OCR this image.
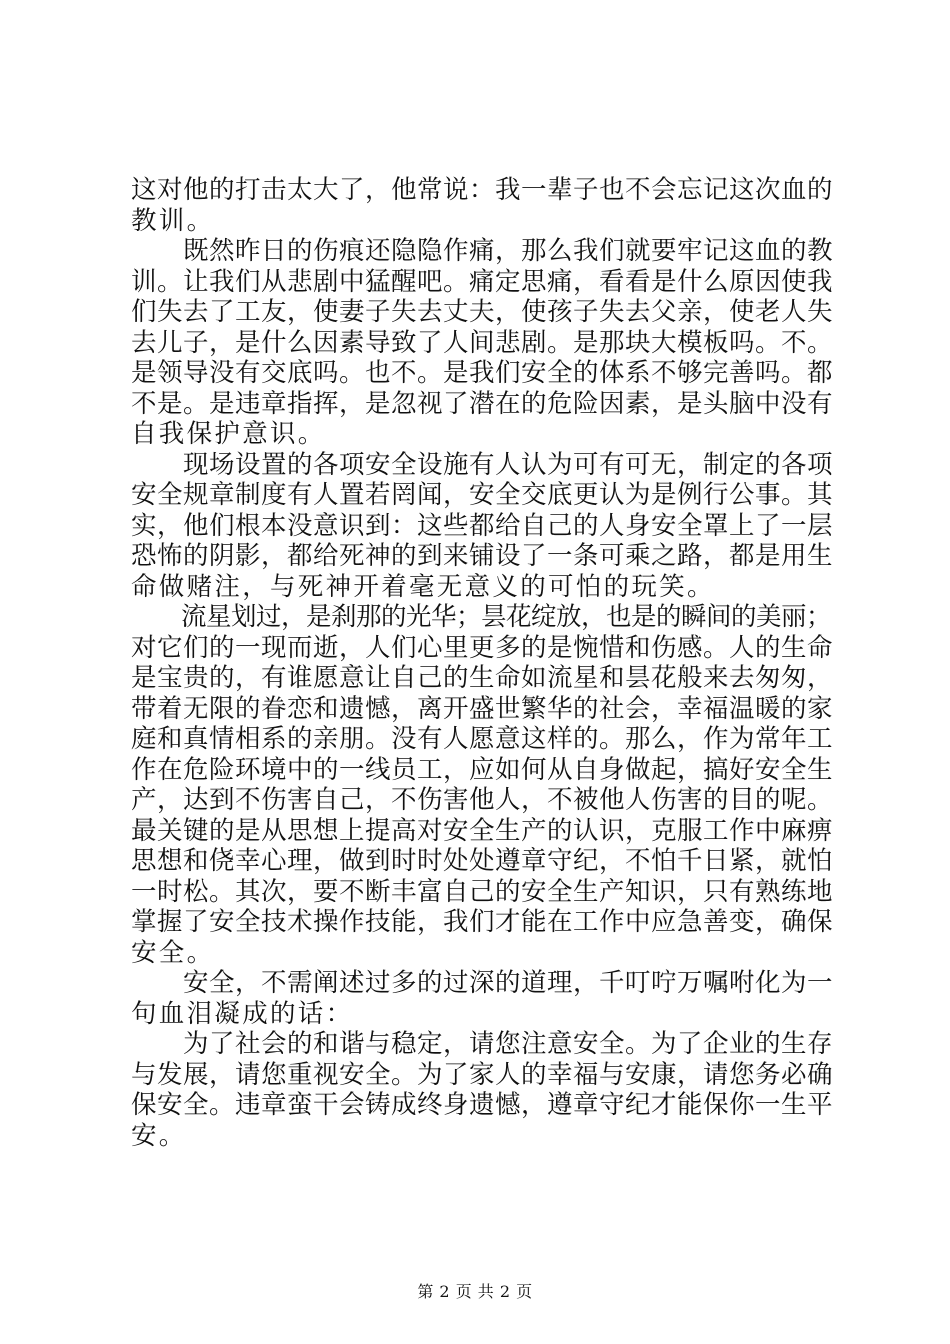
这对他的打击太大了，他常说：我一辈子也不会忘记这次血的
教训。
　　既然昨日的伤痕还隐隐作痛，那么我们就要牢记这血的教
训。让我们从悲剧中猛醒吧。痛定思痛，看看是什么原因使我
们失去了工友，使妻子失去丈夫，使孩子失去父亲，使老人失
去儿子，是什么因素导致了人间悲剧。是那块大模板吗。不。
是领导没有交底吗。也不。是我们安全的体系不够完善吗。都
不是。是违章指挥，是忽视了潜在的危险因素，是头脑中没有
自我保护意识。
　　现场设置的各项安全设施有人认为可有可无，制定的各项
安全规章制度有人置若罔闻，安全交底更认为是例行公事。其
实，他们根本没意识到：这些都给自己的人身安全罩上了一层
恐怖的阴影，都给死神的到来铺设了一条可乘之路，都是用生
命做赌注，与死神开着毫无意义的可怕的玩笑。
　　流星划过，是刹那的光华；昙花绽放，也是的瞬间的美丽；
对它们的一现而逝，人们心里更多的是惋惜和伤感。人的生命
是宝贵的，有谁愿意让自己的生命如流星和昙花般来去匆匆，
带着无限的眷恋和遗憾，离开盛世繁华的社会，幸福温暖的家
庭和真情相系的亲朋。没有人愿意这样的。那么，作为常年工
作在危险环境中的一线员工，应如何从自身做起，搞好安全生
产，达到不伤害自己，不伤害他人，不被他人伤害的目的呢。
最关键的是从思想上提高对安全生产的认识，克服工作中麻痹
思想和侥幸心理，做到时时处处遵章守纪，不怕千日紧，就怕
一时松。其次，要不断丰富自己的安全生产知识，只有熟练地
掌握了安全技术操作技能，我们才能在工作中应急善变，确保
安全。
　　安全，不需阐述过多的过深的道理，千叮咛万嘱咐化为一
句血泪凝成的话：
　　为了社会的和谐与稳定，请您注意安全。为了企业的生存
与发展，请您重视安全。为了家人的幸福与安康，请您务必确
保安全。违章蛮干会铸成终身遗憾，遵章守纪才能保你一生平
安。
第 2 页 共 2 页
